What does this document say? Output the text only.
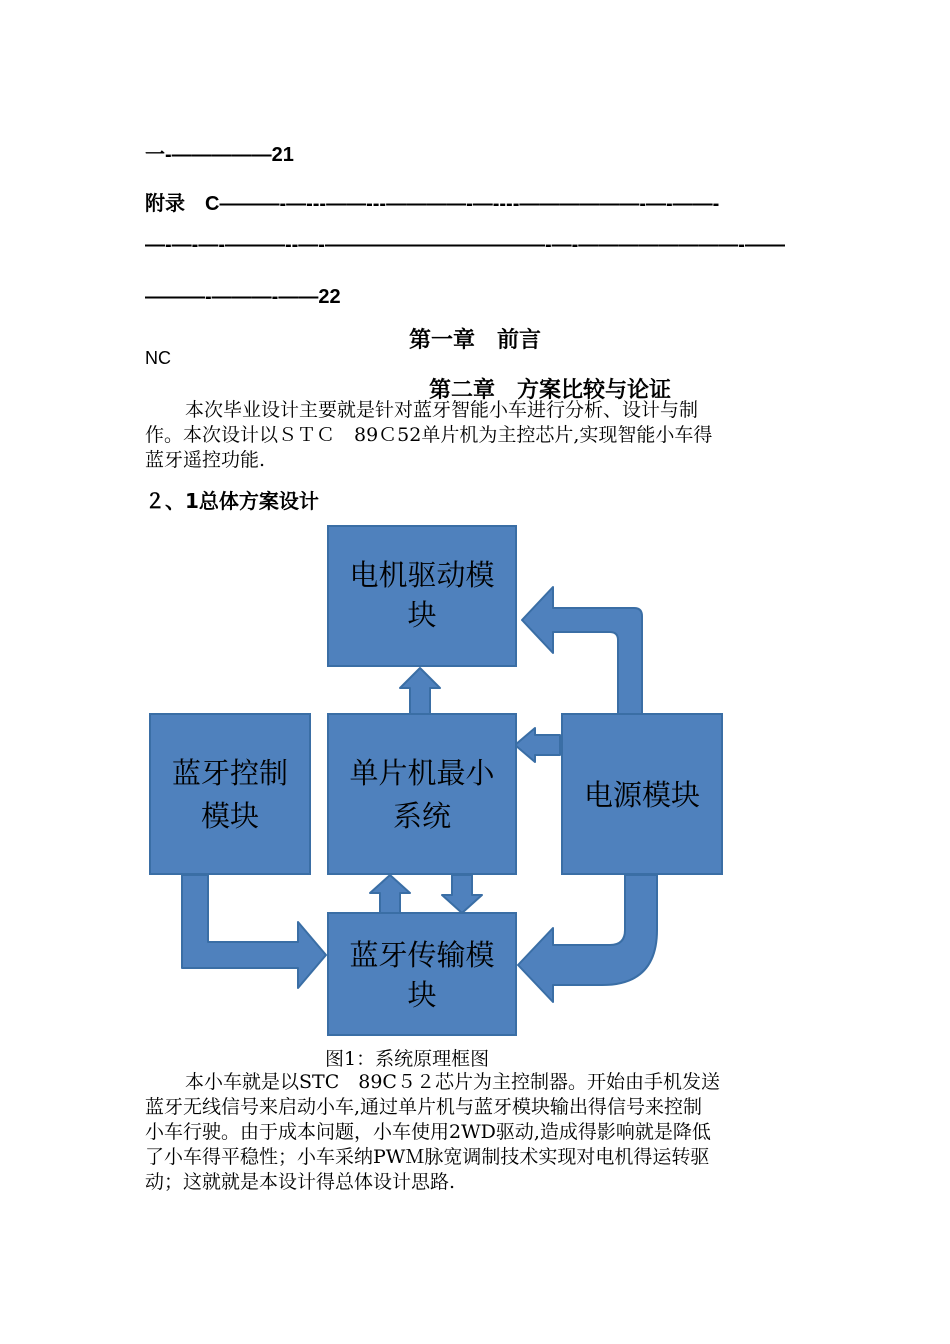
一-—————21
附录　C———-—---——---————-—----——————-—-——-
—-—-—-———--—-———————————-—-————————-——
———-———-——22
第一章　前言
NC
第二章　方案比较与论证
本次毕业设计主要就是针对蓝牙智能小车进行分析、设计与制
作。本次设计以ＳＴＣ　89Ｃ52单片机为主控芯片,实现智能小车得
蓝牙遥控功能.
２、1总体方案设计
电机驱动模
块
蓝牙控制
模块
单片机最小
系统
电源模块
蓝牙传输模
块
图1：系统原理框图
本小车就是以STC　89C５２芯片为主控制器。开始由手机发送
蓝牙无线信号来启动小车,通过单片机与蓝牙模块输出得信号来控制
小车行驶。由于成本问题，小车使用2WD驱动,造成得影响就是降低
了小车得平稳性；小车采纳PWＭ脉宽调制技术实现对电机得运转驱
动；这就就是本设计得总体设计思路.
